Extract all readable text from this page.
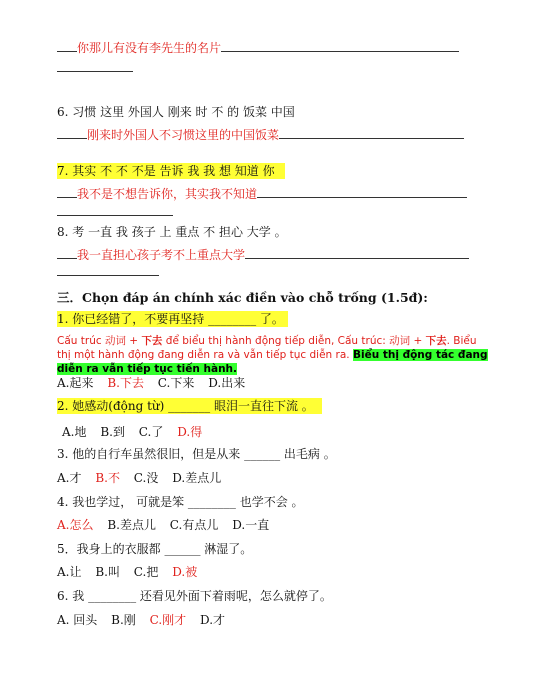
你那儿有没有李先生的名片
6. 习惯 这里 外国人 刚来 时 不 的 饭菜 中国
刚来时外国人不习惯这里的中国饭菜
7. 其实 不 不 不是 告诉 我 我 想 知道 你
我不是不想告诉你，其实我不知道
8. 考 一直 我 孩子 上 重点 不 担心 大学 。
我一直担心孩子考不上重点大学
三．Chọn đáp án chính xác điền vào chỗ trống (1.5đ):
1. 你已经错了，不要再坚持 ________ 了。
Cấu trúc 动词 + 下去 để biểu thị hành động tiếp diễn, Cấu trúc: 动词 + 下去. Biểu thị một hành động đang diễn ra và vẫn tiếp tục diễn ra. Biểu thị động tác đang diễn ra vẫn tiếp tục tiến hành.
A.起来 B.下去 C.下来 D.出来
2. 她感动(động từ) _______ 眼泪一直往下流 。
A.地 B.到 C.了 D.得
3. 他的自行车虽然很旧，但是从来 ______ 出毛病 。
A.才 B.不 C.没 D.差点儿
4. 我也学过， 可就是笨 ________ 也学不会 。
A.怎么 B.差点儿 C.有点儿 D.一直
5．我身上的衣服都 ______ 淋湿了。
A.让 B.叫 C.把 D.被
6. 我 ________ 还看见外面下着雨呢，怎么就停了。
A. 回头 B.刚 C.刚才 D.才
